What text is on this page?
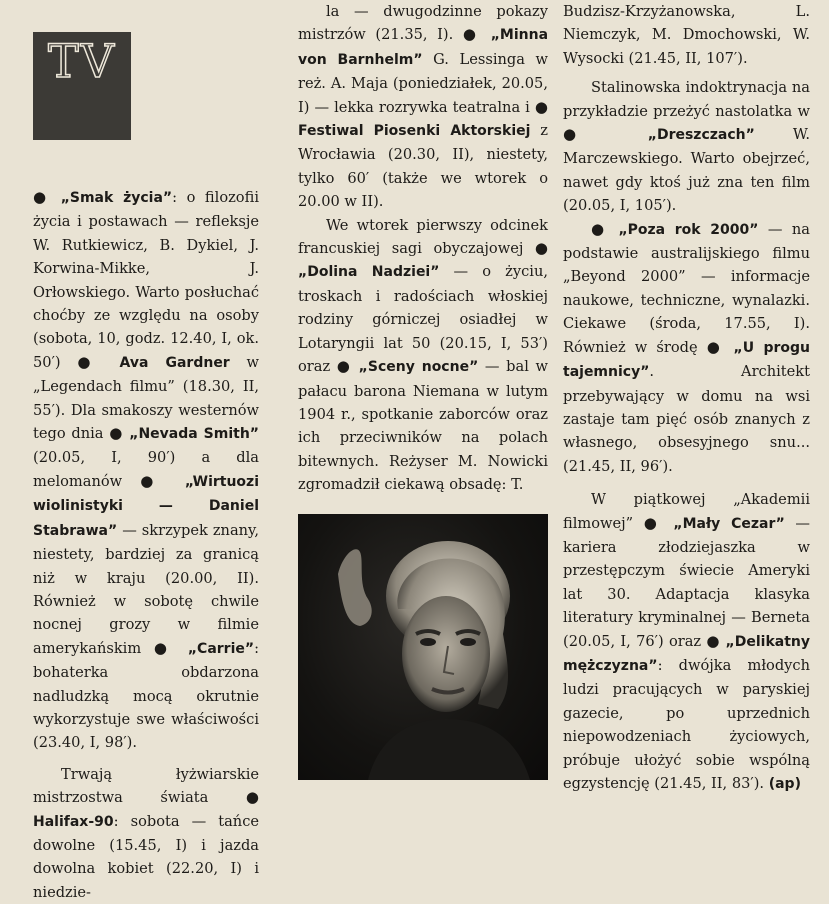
TV

● „Smak życia”: o filozofii życia i postawach — refleksje W. Rutkiewicz, B. Dykiel, J. Korwina-Mikke, J. Orłowskiego. Warto posłuchać choćby ze względu na osoby (sobota, 10, godz. 12.40, I, ok. 50′) ● Ava Gardner w „Legendach filmu” (18.30, II, 55′). Dla smakoszy westernów tego dnia ● „Nevada Smith” (20.05, I, 90′) a dla melomanów ● „Wirtuozi wiolinistyki — Daniel Stabrawa” — skrzypek znany, niestety, bardziej za granicą niż w kraju (20.00, II). Również w sobotę chwile nocnej grozy w filmie amerykańskim ● „Carrie”: bohaterka obdarzona nadludzką mocą okrutnie wykorzystuje swe właściwości (23.40, I, 98′).

Trwają łyżwiarskie mistrzostwa świata ● Halifax-90: sobota — tańce dowolne (15.45, I) i jazda dowolna kobiet (22.20, I) i niedzie-

la — dwugodzinne pokazy mistrzów (21.35, I). ● „Minna von Barnhelm” G. Lessinga w reż. A. Maja (poniedziałek, 20.05, I) — lekka rozrywka teatralna i ● Festiwal Piosenki Aktorskiej z Wrocławia (20.30, II), niestety, tylko 60′ (także we wtorek o 20.00 w II).

We wtorek pierwszy odcinek francuskiej sagi obyczajowej ● „Dolina Nadziei” — o życiu, troskach i radościach włoskiej rodziny górniczej osiadłej w Lotaryngii lat 50 (20.15, I, 53′) oraz ● „Sceny nocne” — bal w pałacu barona Niemana w lutym 1904 r., spotkanie zaborców oraz ich przeciwników na polach bitewnych. Reżyser M. Nowicki zgromadził ciekawą obsadę: T.

Budzisz-Krzyżanowska, L. Niemczyk, M. Dmochowski, W. Wysocki (21.45, II, 107′).

Stalinowska indoktrynacja na przykładzie przeżyć nastolatka w ● „Dreszczach” W. Marczewskiego. Warto obejrzeć, nawet gdy ktoś już zna ten film (20.05, I, 105′).

● „Poza rok 2000” — na podstawie australijskiego filmu „Beyond 2000” — informacje naukowe, techniczne, wynalazki. Ciekawe (środa, 17.55, I). Również w środę ● „U progu tajemnicy”. Architekt przebywający w domu na wsi zastaje tam pięć osób znanych z własnego, obsesyjnego snu... (21.45, II, 96′).

W piątkowej „Akademii filmowej” ● „Mały Cezar” — kariera złodziejaszka w przestępczym świecie Ameryki lat 30. Adaptacja klasyka literatury kryminalnej — Berneta (20.05, I, 76′) oraz ● „Delikatny mężczyzna”: dwójka młodych ludzi pracujących w paryskiej gazecie, po uprzednich niepowodzeniach życiowych, próbuje ułożyć sobie wspólną egzystencję (21.45, II, 83′). (ap)
